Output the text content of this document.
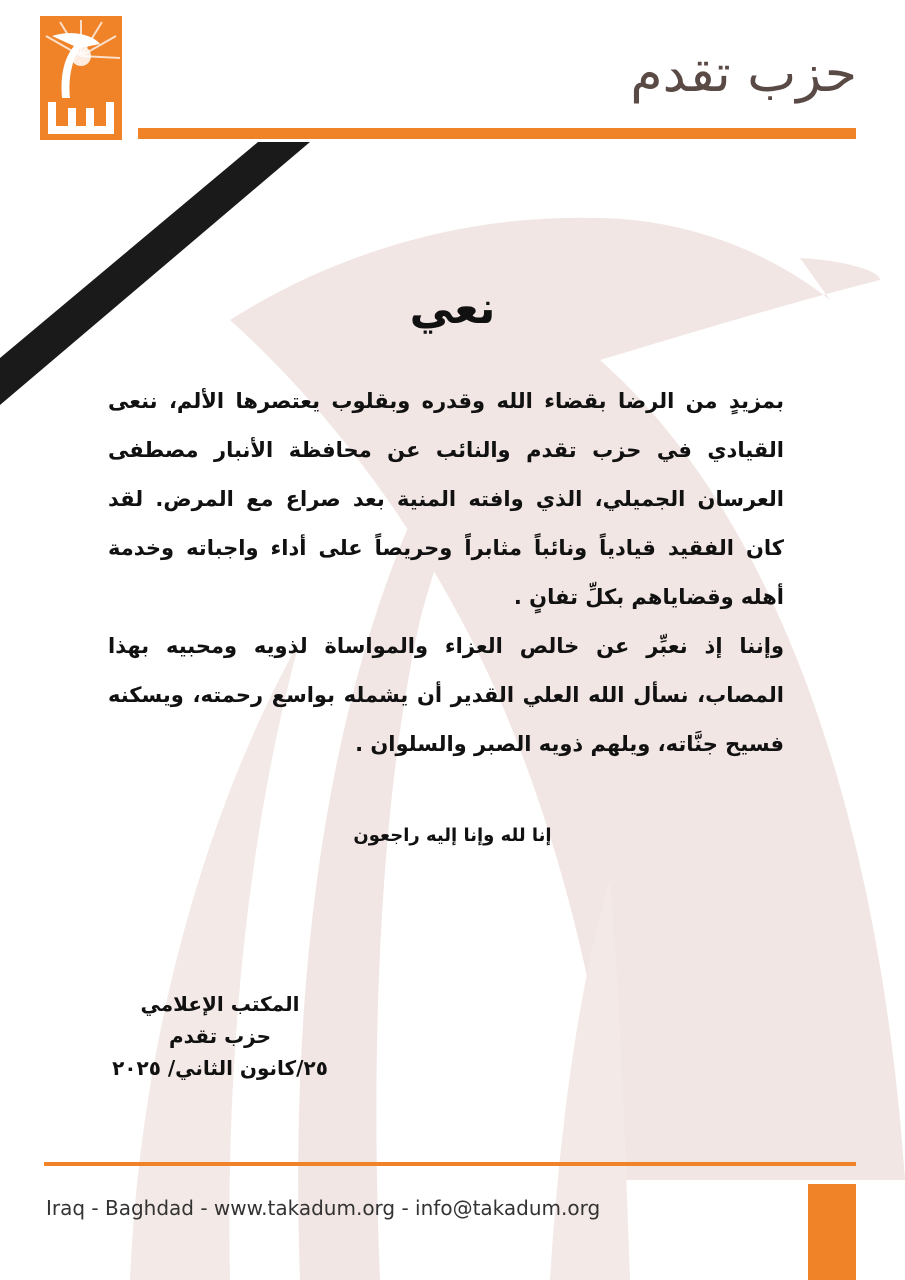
حزب تقدم
نعي

بمزيدٍ من الرضا بقضاء الله وقدره وبقلوب يعتصرها الألم، ننعى القيادي في حزب تقدم والنائب عن محافظة الأنبار مصطفى العرسان الجميلي، الذي وافته المنية بعد صراع مع المرض. لقد كان الفقيد قيادياً ونائباً مثابراً وحريصاً على أداء واجباته وخدمة أهله وقضاياهم بكلِّ تفانٍ .

وإننا إذ نعبِّر عن خالص العزاء والمواساة لذويه ومحبيه بهذا المصاب، نسأل الله العلي القدير أن يشمله بواسع رحمته، ويسكنه فسيح جنَّاته، ويلهم ذويه الصبر والسلوان .

إنا لله وإنا إليه راجعون
المكتب الإعلامي
حزب تقدم
٢٥/كانون الثاني/ ٢٠٢٥
Iraq - Baghdad - www.takadum.org - info@takadum.org
